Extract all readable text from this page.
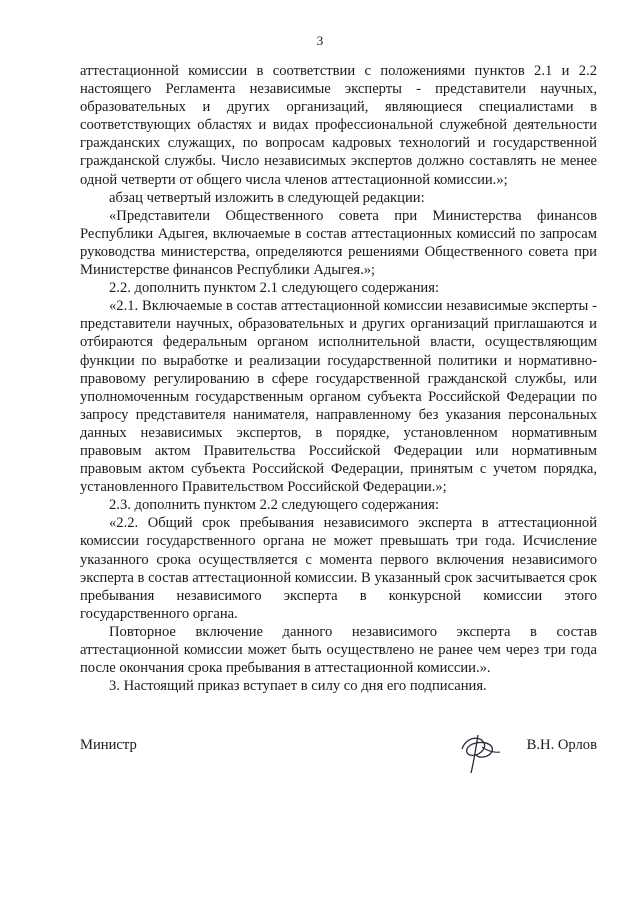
3

аттестационной комиссии в соответствии с положениями пунктов 2.1 и 2.2 настоящего Регламента независимые эксперты - представители научных, образовательных и других организаций, являющиеся специалистами в соответствующих областях и видах профессиональной служебной деятельности гражданских служащих, по вопросам кадровых технологий и государственной гражданской службы. Число независимых экспертов должно составлять не менее одной четверти от общего числа членов аттестационной комиссии.»;

абзац четвертый изложить в следующей редакции:

«Представители Общественного совета при Министерства финансов Республики Адыгея, включаемые в состав аттестационных комиссий по запросам руководства министерства, определяются решениями Общественного совета при Министерстве финансов Республики Адыгея.»;

2.2. дополнить пунктом 2.1 следующего содержания:

«2.1. Включаемые в состав аттестационной комиссии независимые эксперты - представители научных, образовательных и других организаций приглашаются и отбираются федеральным органом исполнительной власти, осуществляющим функции по выработке и реализации государственной политики и нормативно-правовому регулированию в сфере государственной гражданской службы, или уполномоченным государственным органом субъекта Российской Федерации по запросу представителя нанимателя, направленному без указания персональных данных независимых экспертов, в порядке, установленном нормативным правовым актом Правительства Российской Федерации или нормативным правовым актом субъекта Российской Федерации, принятым с учетом порядка, установленного Правительством Российской Федерации.»;

2.3. дополнить пунктом 2.2 следующего содержания:

«2.2. Общий срок пребывания независимого эксперта в аттестационной комиссии государственного органа не может превышать три года. Исчисление указанного срока осуществляется с момента первого включения независимого эксперта в состав аттестационной комиссии. В указанный срок засчитывается срок пребывания независимого эксперта в конкурсной комиссии этого государственного органа.

Повторное включение данного независимого эксперта в состав аттестационной комиссии может быть осуществлено не ранее чем через три года после окончания срока пребывания в аттестационной комиссии.».

3. Настоящий приказ вступает в силу со дня его подписания.

Министр	В.Н. Орлов
